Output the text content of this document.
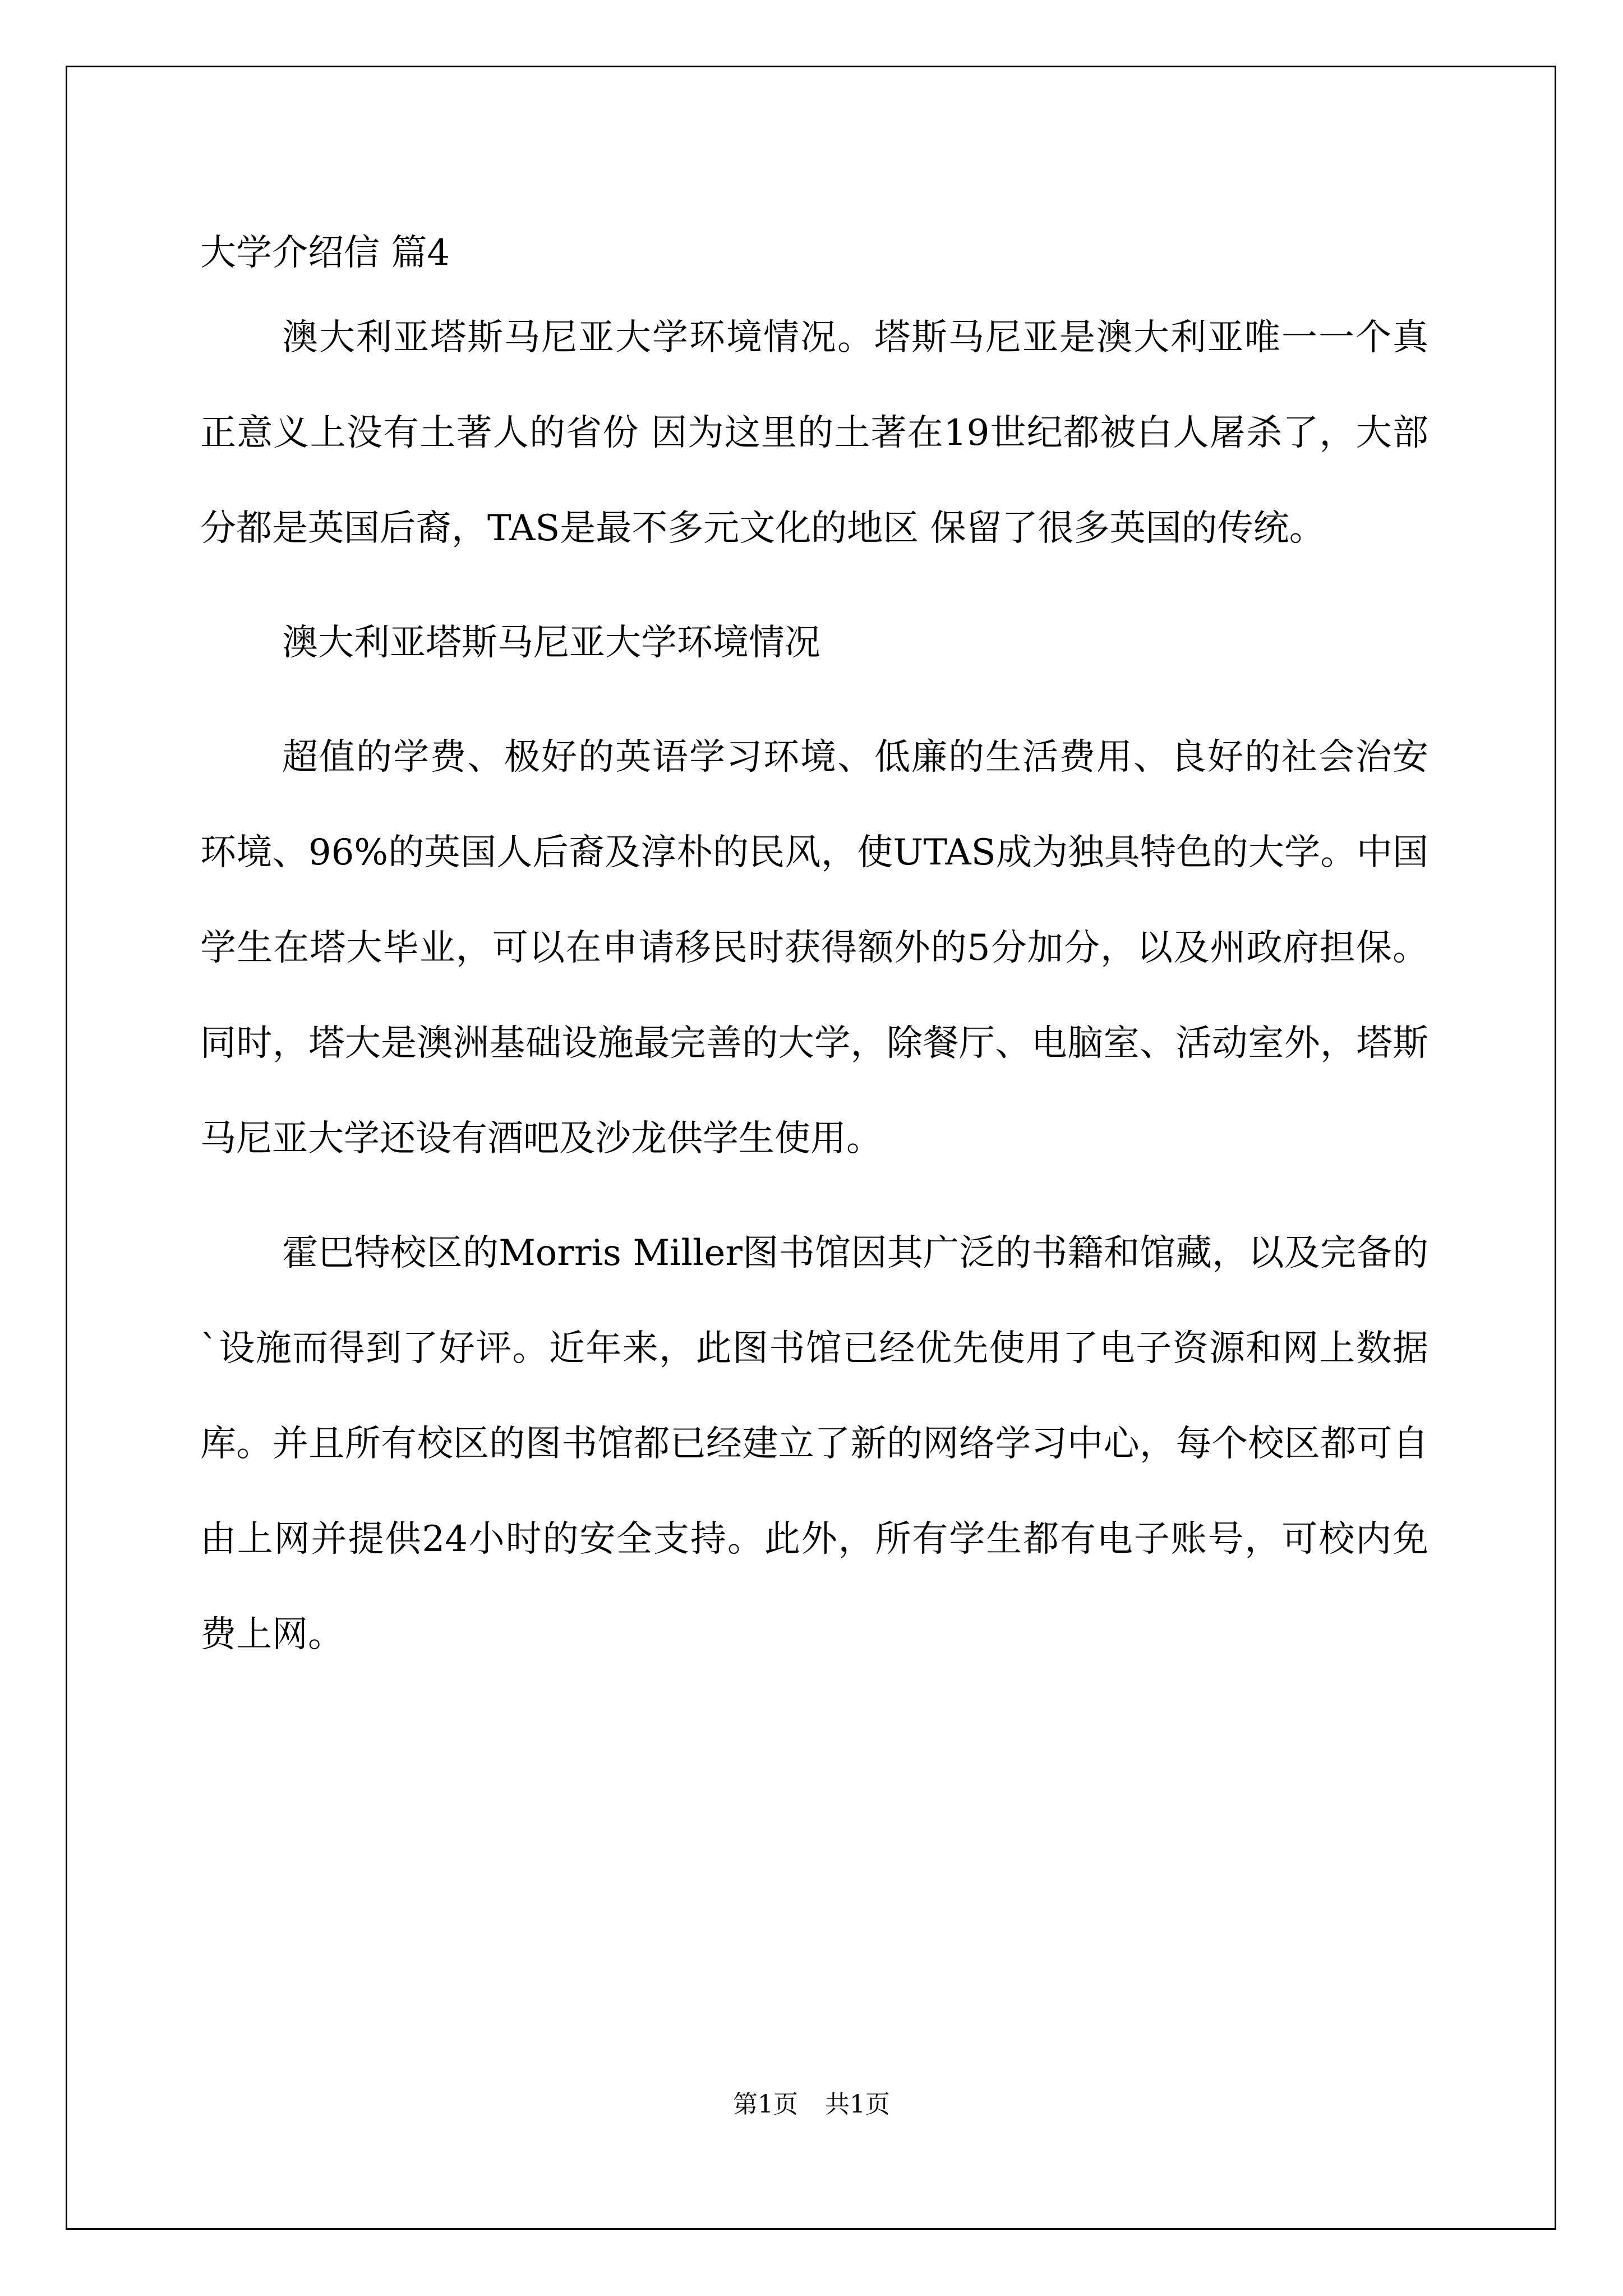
大学介绍信 篇4

澳大利亚塔斯马尼亚大学环境情况。塔斯马尼亚是澳大利亚唯一一个真正意义上没有土著人的省份 因为这里的土著在19世纪都被白人屠杀了，大部分都是英国后裔，TAS是最不多元文化的地区 保留了很多英国的传统。

澳大利亚塔斯马尼亚大学环境情况

超值的学费、极好的英语学习环境、低廉的生活费用、良好的社会治安环境、96%的英国人后裔及淳朴的民风，使UTAS成为独具特色的大学。中国学生在塔大毕业，可以在申请移民时获得额外的5分加分，以及州政府担保。同时，塔大是澳洲基础设施最完善的大学，除餐厅、电脑室、活动室外，塔斯马尼亚大学还设有酒吧及沙龙供学生使用。

霍巴特校区的Morris Miller图书馆因其广泛的书籍和馆藏，以及完备的`设施而得到了好评。近年来，此图书馆已经优先使用了电子资源和网上数据库。并且所有校区的图书馆都已经建立了新的网络学习中心，每个校区都可自由上网并提供24小时的安全支持。此外，所有学生都有电子账号，可校内免费上网。

第1页 共1页
